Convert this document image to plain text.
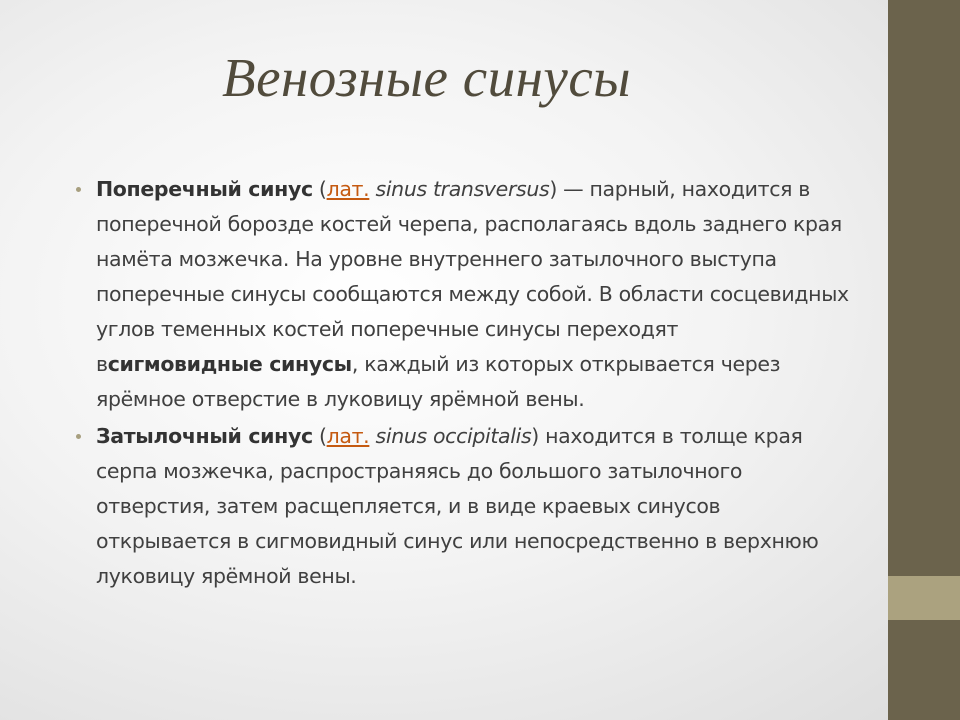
Венозные синусы
Поперечный синус (лат. sinus transversus) — парный, находится в поперечной борозде костей черепа, располагаясь вдоль заднего края намёта мозжечка. На уровне внутреннего затылочного выступа поперечные синусы сообщаются между собой. В области сосцевидных углов теменных костей поперечные синусы переходят всигмовидные синусы, каждый из которых открывается через ярёмное отверстие в луковицу ярёмной вены.
Затылочный синус (лат. sinus occipitalis) находится в толще края серпа мозжечка, распространяясь до большого затылочного отверстия, затем расщепляется, и в виде краевых синусов открывается в сигмовидный синус или непосредственно в верхнюю луковицу ярёмной вены.
